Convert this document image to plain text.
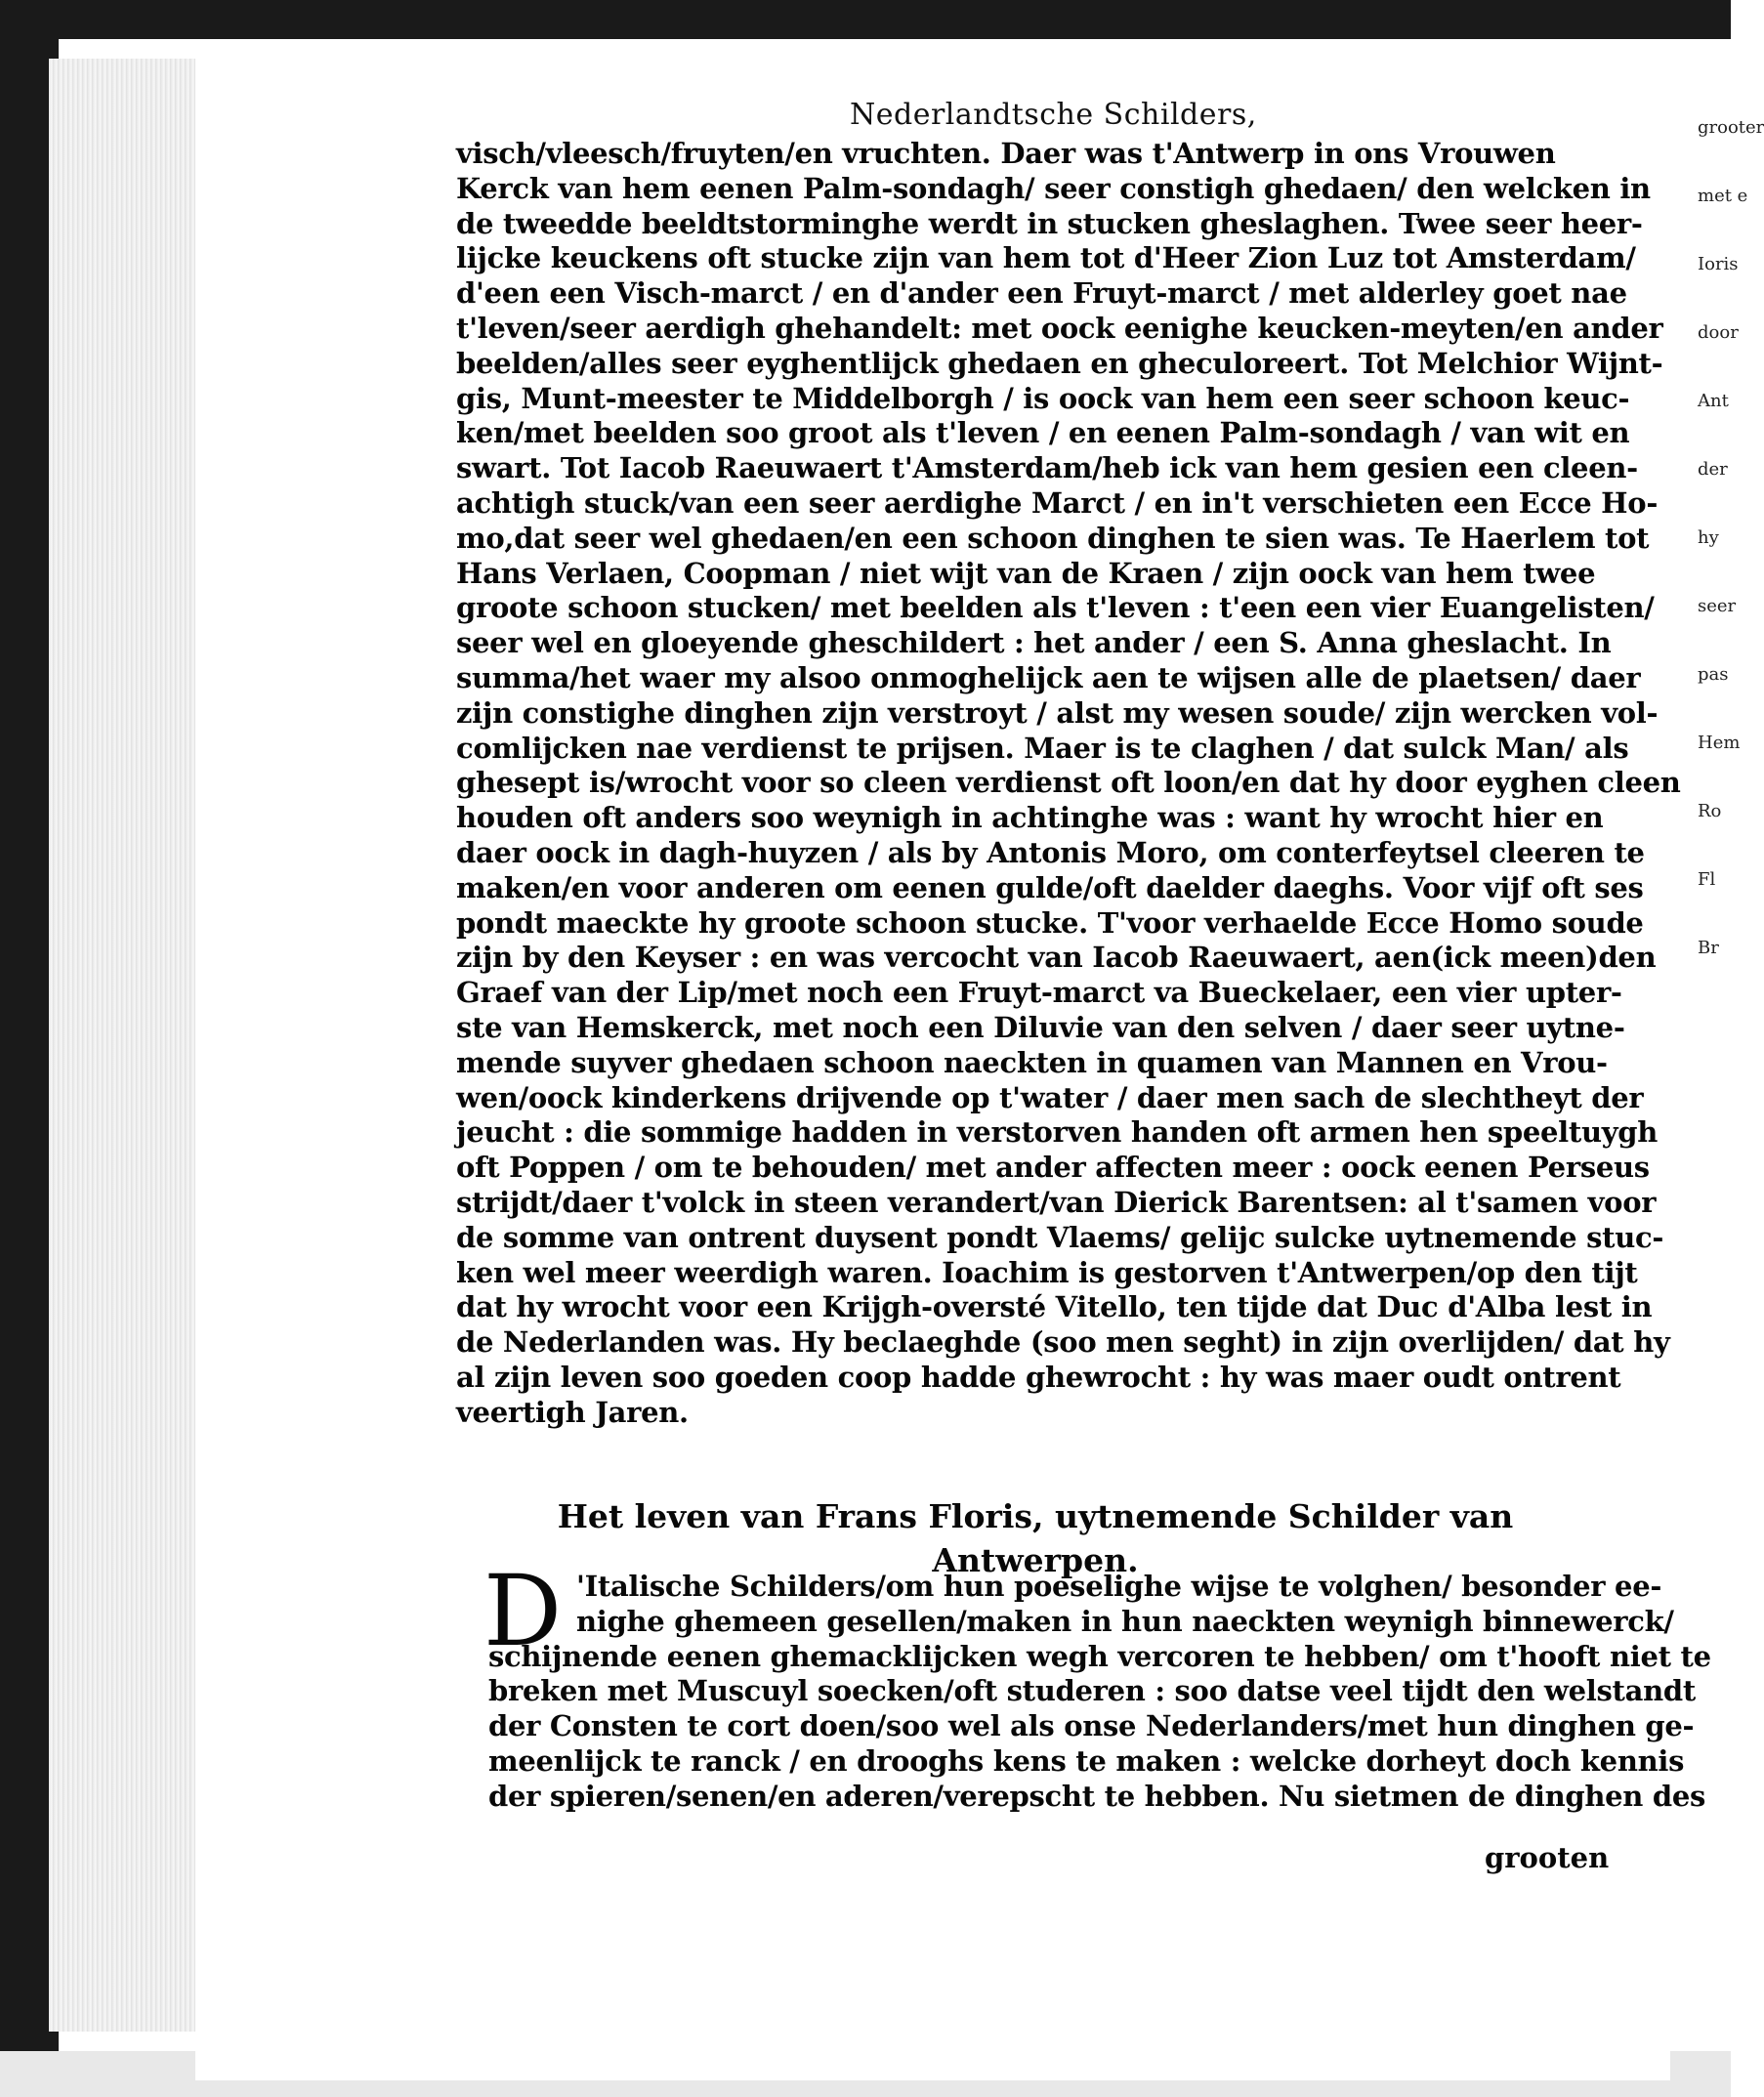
Nederlandtsche Schilders,
visch/vleesch/fruyten/en vruchten. Daer was t'Antwerp in ons Vrouwen
Kerck van hem eenen Palm-sondagh/ seer constigh ghedaen/ den welcken in
de tweedde beeldtstorminghe werdt in stucken gheslaghen. Twee seer heer-
lijcke keuckens oft stucke zijn van hem tot d'Heer Zion Luz tot Amsterdam/
d'een een Visch-marct / en d'ander een Fruyt-marct / met alderley goet nae
t'leven/seer aerdigh ghehandelt: met oock eenighe keucken-meyten/en ander
beelden/alles seer eyghentlijck ghedaen en gheculoreert. Tot Melchior Wijnt-
gis, Munt-meester te Middelborgh / is oock van hem een seer schoon keuc-
ken/met beelden soo groot als t'leven / en eenen Palm-sondagh / van wit en
swart. Tot Iacob Raeuwaert t'Amsterdam/heb ick van hem gesien een cleen-
achtigh stuck/van een seer aerdighe Marct / en in't verschieten een Ecce Ho-
mo,dat seer wel ghedaen/en een schoon dinghen te sien was. Te Haerlem tot
Hans Verlaen, Coopman / niet wijt van de Kraen / zijn oock van hem twee
groote schoon stucken/ met beelden als t'leven : t'een een vier Euangelisten/
seer wel en gloeyende gheschildert : het ander / een S. Anna gheslacht. In
summa/het waer my alsoo onmoghelijck aen te wijsen alle de plaetsen/ daer
zijn constighe dinghen zijn verstroyt / alst my wesen soude/ zijn wercken vol-
comlijcken nae verdienst te prijsen. Maer is te claghen / dat sulck Man/ als
ghesept is/wrocht voor so cleen verdienst oft loon/en dat hy door eyghen cleen
houden oft anders soo weynigh in achtinghe was : want hy wrocht hier en
daer oock in dagh-huyzen / als by Antonis Moro, om conterfeytsel cleeren te
maken/en voor anderen om eenen gulde/oft daelder daeghs. Voor vijf oft ses
pondt maeckte hy groote schoon stucke. T'voor verhaelde Ecce Homo soude
zijn by den Keyser : en was vercocht van Iacob Raeuwaert, aen(ick meen)den
Graef van der Lip/met noch een Fruyt-marct va Bueckelaer, een vier upter-
ste van Hemskerck, met noch een Diluvie van den selven / daer seer uytne-
mende suyver ghedaen schoon naeckten in quamen van Mannen en Vrou-
wen/oock kinderkens drijvende op t'water / daer men sach de slechtheyt der
jeucht : die sommige hadden in verstorven handen oft armen hen speeltuygh
oft Poppen / om te behouden/ met ander affecten meer : oock eenen Perseus
strijdt/daer t'volck in steen verandert/van Dierick Barentsen: al t'samen voor
de somme van ontrent duysent pondt Vlaems/ gelijc sulcke uytnemende stuc-
ken wel meer weerdigh waren. Ioachim is gestorven t'Antwerpen/op den tijt
dat hy wrocht voor een Krijgh-oversté Vitello, ten tijde dat Duc d'Alba lest in
de Nederlanden was. Hy beclaeghde (soo men seght) in zijn overlijden/ dat hy
al zijn leven soo goeden coop hadde ghewrocht : hy was maer oudt ontrent
veertigh Jaren.
Het leven van Frans Floris, uytnemende Schilder van
Antwerpen.
D 'Italische Schilders/om hun poeselighe wijse te volghen/ besonder ee-
nighe ghemeen gesellen/maken in hun naeckten weynigh binnewerck/
schijnende eenen ghemacklijcken wegh vercoren te hebben/ om t'hooft niet te
breken met Muscuyl soecken/oft studeren : soo datse veel tijdt den welstandt
der Consten te cort doen/soo wel als onse Nederlanders/met hun dinghen ge-
meenlijck te ranck / en drooghs kens te maken : welcke dorheyt doch kennis
der spieren/senen/en aderen/verepscht te hebben. Nu sietmen de dinghen des
grooten
grooter
met e
Ioris
door
Ant
der
hy
seer
pas
Hem
Ro
Fl
Br
